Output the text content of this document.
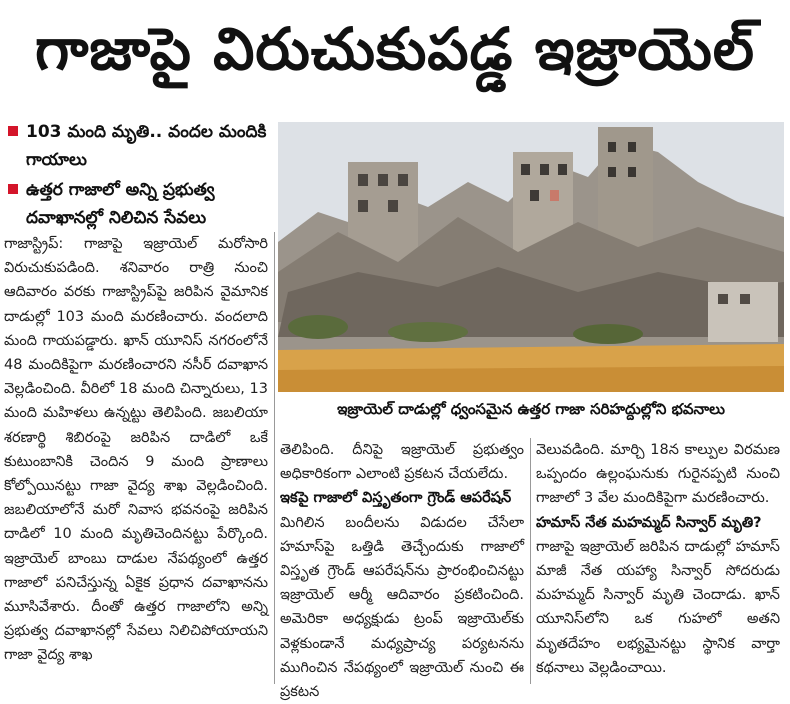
గాజాపై విరుచుకుపడ్డ ఇజ్రాయెల్
103 మంది మృతి.. వందల మందికి గాయాలు
ఉత్తర గాజాలో అన్ని ప్రభుత్వ దవాఖానల్లో నిలిచిన సేవలు
ఇజ్రాయెల్ దాడుల్లో ధ్వంసమైన ఉత్తర గాజా సరిహద్దుల్లోని భవనాలు

గాజాస్ట్రిప్: గాజాపై ఇజ్రాయెల్ మరోసారి విరుచుకుపడింది. శనివారం రాత్రి నుంచి ఆదివారం వరకు గాజాస్ట్రిప్‌పై జరిపిన వైమానిక దాడుల్లో 103 మంది మరణించారు. వందలాది మంది గాయపడ్డారు. ఖాన్ యూనిస్ నగరంలోనే 48 మందికిపైగా మరణించారని నసీర్ దవాఖాన వెల్లడించింది. వీరిలో 18 మంది చిన్నారులు, 13 మంది మహిళలు ఉన్నట్టు తెలిపింది. జబలియా శరణార్థి శిబిరంపై జరిపిన దాడిలో ఒకే కుటుంబానికి చెందిన 9 మంది ప్రాణాలు కోల్పోయినట్టు గాజా వైద్య శాఖ వెల్లడించింది. జబలియాలోనే మరో నివాస భవనంపై జరిపిన దాడిలో 10 మంది మృతిచెందినట్టు పేర్కొంది. ఇజ్రాయెల్ బాంబు దాడుల నేపథ్యంలో ఉత్తర గాజాలో పనిచేస్తున్న ఏకైక ప్రధాన దవాఖానను మూసివేశారు. దీంతో ఉత్తర గాజాలోని అన్ని ప్రభుత్వ దవాఖానల్లో సేవలు నిలిచిపోయాయని గాజా వైద్య శాఖ

తెలిపింది. దీనిపై ఇజ్రాయెల్ ప్రభుత్వం అధికారికంగా ఎలాంటి ప్రకటన చేయలేదు.

ఇకపై గాజాలో విస్తృతంగా గ్రౌండ్ ఆపరేషన్

మిగిలిన బందీలను విడుదల చేసేలా హమాస్‌పై ఒత్తిడి తెచ్చేందుకు గాజాలో విస్తృత గ్రౌండ్ ఆపరేషన్‌ను ప్రారంభించినట్టు ఇజ్రాయెల్ ఆర్మీ ఆదివారం ప్రకటించింది. అమెరికా అధ్యక్షుడు ట్రంప్ ఇజ్రాయెల్‌కు వెళ్లకుండానే మధ్యప్రాచ్య పర్యటనను ముగించిన నేపథ్యంలో ఇజ్రాయెల్ నుంచి ఈ ప్రకటన

వెలువడింది. మార్చి 18న కాల్పుల విరమణ ఒప్పందం ఉల్లంఘనుకు గురైనప్పటి నుంచి గాజాలో 3 వేల మందికిపైగా మరణించారు.

హమాస్ నేత మహమ్మద్ సిన్వార్ మృతి?

గాజాపై ఇజ్రాయెల్ జరిపిన దాడుల్లో హమాస్ మాజీ నేత యహ్యా సిన్వార్ సోదరుడు మహమ్మద్ సిన్వార్ మృతి చెందాడు. ఖాన్ యూనిస్‌లోని ఒక గుహలో అతని మృతదేహం లభ్యమైనట్టు స్థానిక వార్తా కథనాలు వెల్లడించాయి.
